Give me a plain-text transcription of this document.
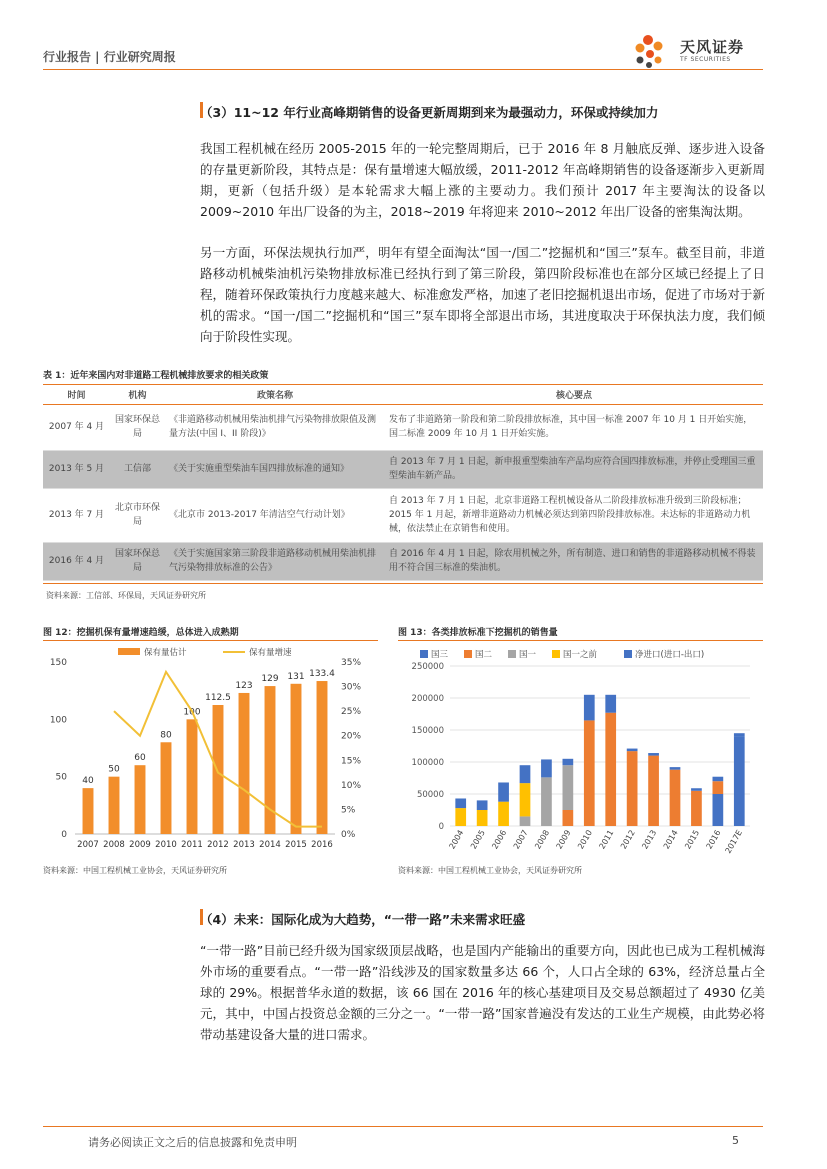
行业报告 | 行业研究周报
天风证券
TF SECURITIES
（3）11~12 年行业高峰期销售的设备更新周期到来为最强动力，环保或持续加力
我国工程机械在经历 2005-2015 年的一轮完整周期后，已于 2016 年 8 月触底反弹、逐步进入设备的存量更新阶段，其特点是：保有量增速大幅放缓，2011-2012 年高峰期销售的设备逐渐步入更新周期，更新（包括升级）是本轮需求大幅上涨的主要动力。我们预计 2017 年主要淘汰的设备以 2009~2010 年出厂设备的为主，2018~2019 年将迎来 2010~2012 年出厂设备的密集淘汰期。
另一方面，环保法规执行加严，明年有望全面淘汰“国一/国二”挖掘机和“国三”泵车。截至目前，非道路移动机械柴油机污染物排放标准已经执行到了第三阶段，第四阶段标准也在部分区域已经提上了日程，随着环保政策执行力度越来越大、标准愈发严格，加速了老旧挖掘机退出市场，促进了市场对于新机的需求。“国一/国二”挖掘机和“国三”泵车即将全部退出市场，其进度取决于环保执法力度，我们倾向于阶段性实现。
表 1：近年来国内对非道路工程机械排放要求的相关政策
时间	机构	政策名称	核心要点
2007 年 4 月	国家环保总局	《非道路移动机械用柴油机排气污染物排放限值及测量方法(中国 I、II 阶段)》	发布了非道路第一阶段和第二阶段排放标准，其中国一标准 2007 年 10 月 1 日开始实施，国二标准 2009 年 10 月 1 日开始实施。
2013 年 5 月	工信部	《关于实施重型柴油车国四排放标准的通知》	自 2013 年 7 月 1 日起，新申报重型柴油车产品均应符合国四排放标准，并停止受理国三重型柴油车新产品。
2013 年 7 月	北京市环保局	《北京市 2013-2017 年清洁空气行动计划》	自 2013 年 7 月 1 日起，北京非道路工程机械设备从二阶段排放标准升级到三阶段标准；2015 年 1 月起，新增非道路动力机械必须达到第四阶段排放标准。未达标的非道路动力机械，依法禁止在京销售和使用。
2016 年 4 月	国家环保总局	《关于实施国家第三阶段非道路移动机械用柴油机排气污染物排放标准的公告》	自 2016 年 4 月 1 日起，除农用机械之外，所有制造、进口和销售的非道路移动机械不得装用不符合国三标准的柴油机。
资料来源：工信部、环保局，天风证券研究所
图 12：挖掘机保有量增速趋缓，总体进入成熟期
保有量估计	保有量增速
0
50
100
150
0%
5%
10%
15%
20%
25%
30%
35%
40
2007
50
2008
60
2009
80
2010
100
2011
112.5
2012
123
2013
129
2014
131
2015
133.4
2016
资料来源：中国工程机械工业协会，天风证券研究所
图 13：各类排放标准下挖掘机的销售量
国三	国二	国一	国一之前	净进口(进口-出口)
0
50000
100000
150000
200000
250000
2004 2005 2006 2007 2008 2009 2010 2011 2012 2013 2014 2015 2016 2017E
资料来源：中国工程机械工业协会，天风证券研究所
（4）未来：国际化成为大趋势，“一带一路”未来需求旺盛
“一带一路”目前已经升级为国家级顶层战略，也是国内产能输出的重要方向，因此也已成为工程机械海外市场的重要看点。“一带一路”沿线涉及的国家数量多达 66 个，人口占全球的 63%，经济总量占全球的 29%。根据普华永道的数据，该 66 国在 2016 年的核心基建项目及交易总额超过了 4930 亿美元，其中，中国占投资总金额的三分之一。“一带一路”国家普遍没有发达的工业生产规模，由此势必将带动基建设备大量的进口需求。
请务必阅读正文之后的信息披露和免责申明	5
